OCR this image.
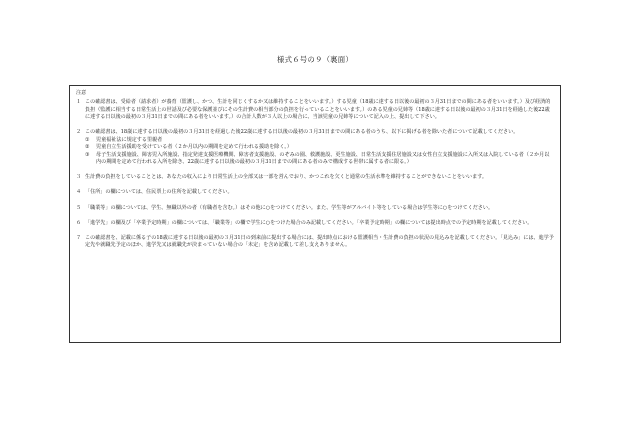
様式６号の９（裏面）
注意
１ この確認書は、受給者（請求者）が養育（監護し、かつ、生計を同じくするか又は維持することをいいます。）する児童（18歳に達する日以後の最初の３月31日までの間にある者をいいます。）及び経済的負担（監護に相当する日常生活上の世話及び必要な保護並びにその生計費の相当部分の負担を行っていることをいいます。）のある児童の兄姉等（18歳に達する日以後の最初の３月31日を経過した後22歳に達する日以後の最初の３月31日までの間にある者をいいます。）の合計人数が３人以上の場合に、当該児童の兄姉等について記入の上、提出して下さい。
２ この確認書は、18歳に達する日以後の最初の３月31日を経過した後22歳に達する日以後の最初の３月31日までの間にある者のうち、以下に掲げる者を除いた者について記載してください。
①	児童福祉法に規定する里親者
②	児童自立生活援助を受けている者（２か月以内の期間を定めて行われる援助を除く。）
③	母子生活支援施設、障害児入所施設、指定発達支援医療機関、障害者支援施設、のぞみの園、救護施設、更生施設、日常生活支援住居施設又は女性自立支援施設に入所又は入院している者（２か月以内の期間を定めて行われる入所を除き、22歳に達する日以後の最初の３月31日までの間にある者のみで構成する世帯に属する者に限る。）
３ 生計費の負担をしていることとは、あなたの収入により日常生活上の全部又は一部を営んでおり、かつこれを欠くと通常の生活水準を維持することができないことをいいます。
４ 「住所」の欄については、住民票上の住所を記載してください。
５ 「職業等」の欄については、学生、無職以外の者（有職者を含む。）はその他に○をつけてください。また、学生等がアルバイト等をしている場合は学生等に○をつけてください。
６ 「進学先」の欄及び「卒業予定時期」の欄については、「職業等」の欄で学生に○をつけた場合のみ記載してください。「卒業予定時期」の欄については提出時点での予定時期を記載してください。
７ この確認書を、記載に係る子の18歳に達する日以後の最初の３月31日の到来前に提出する場合には、提出時点における監護相当・生計費の負担の状況の見込みを記載してください。「見込み」には、進学予定先や就職先予定のほか、進学先又は就職先が決まっていない場合の「未定」を含め記載して差し支えありません。
